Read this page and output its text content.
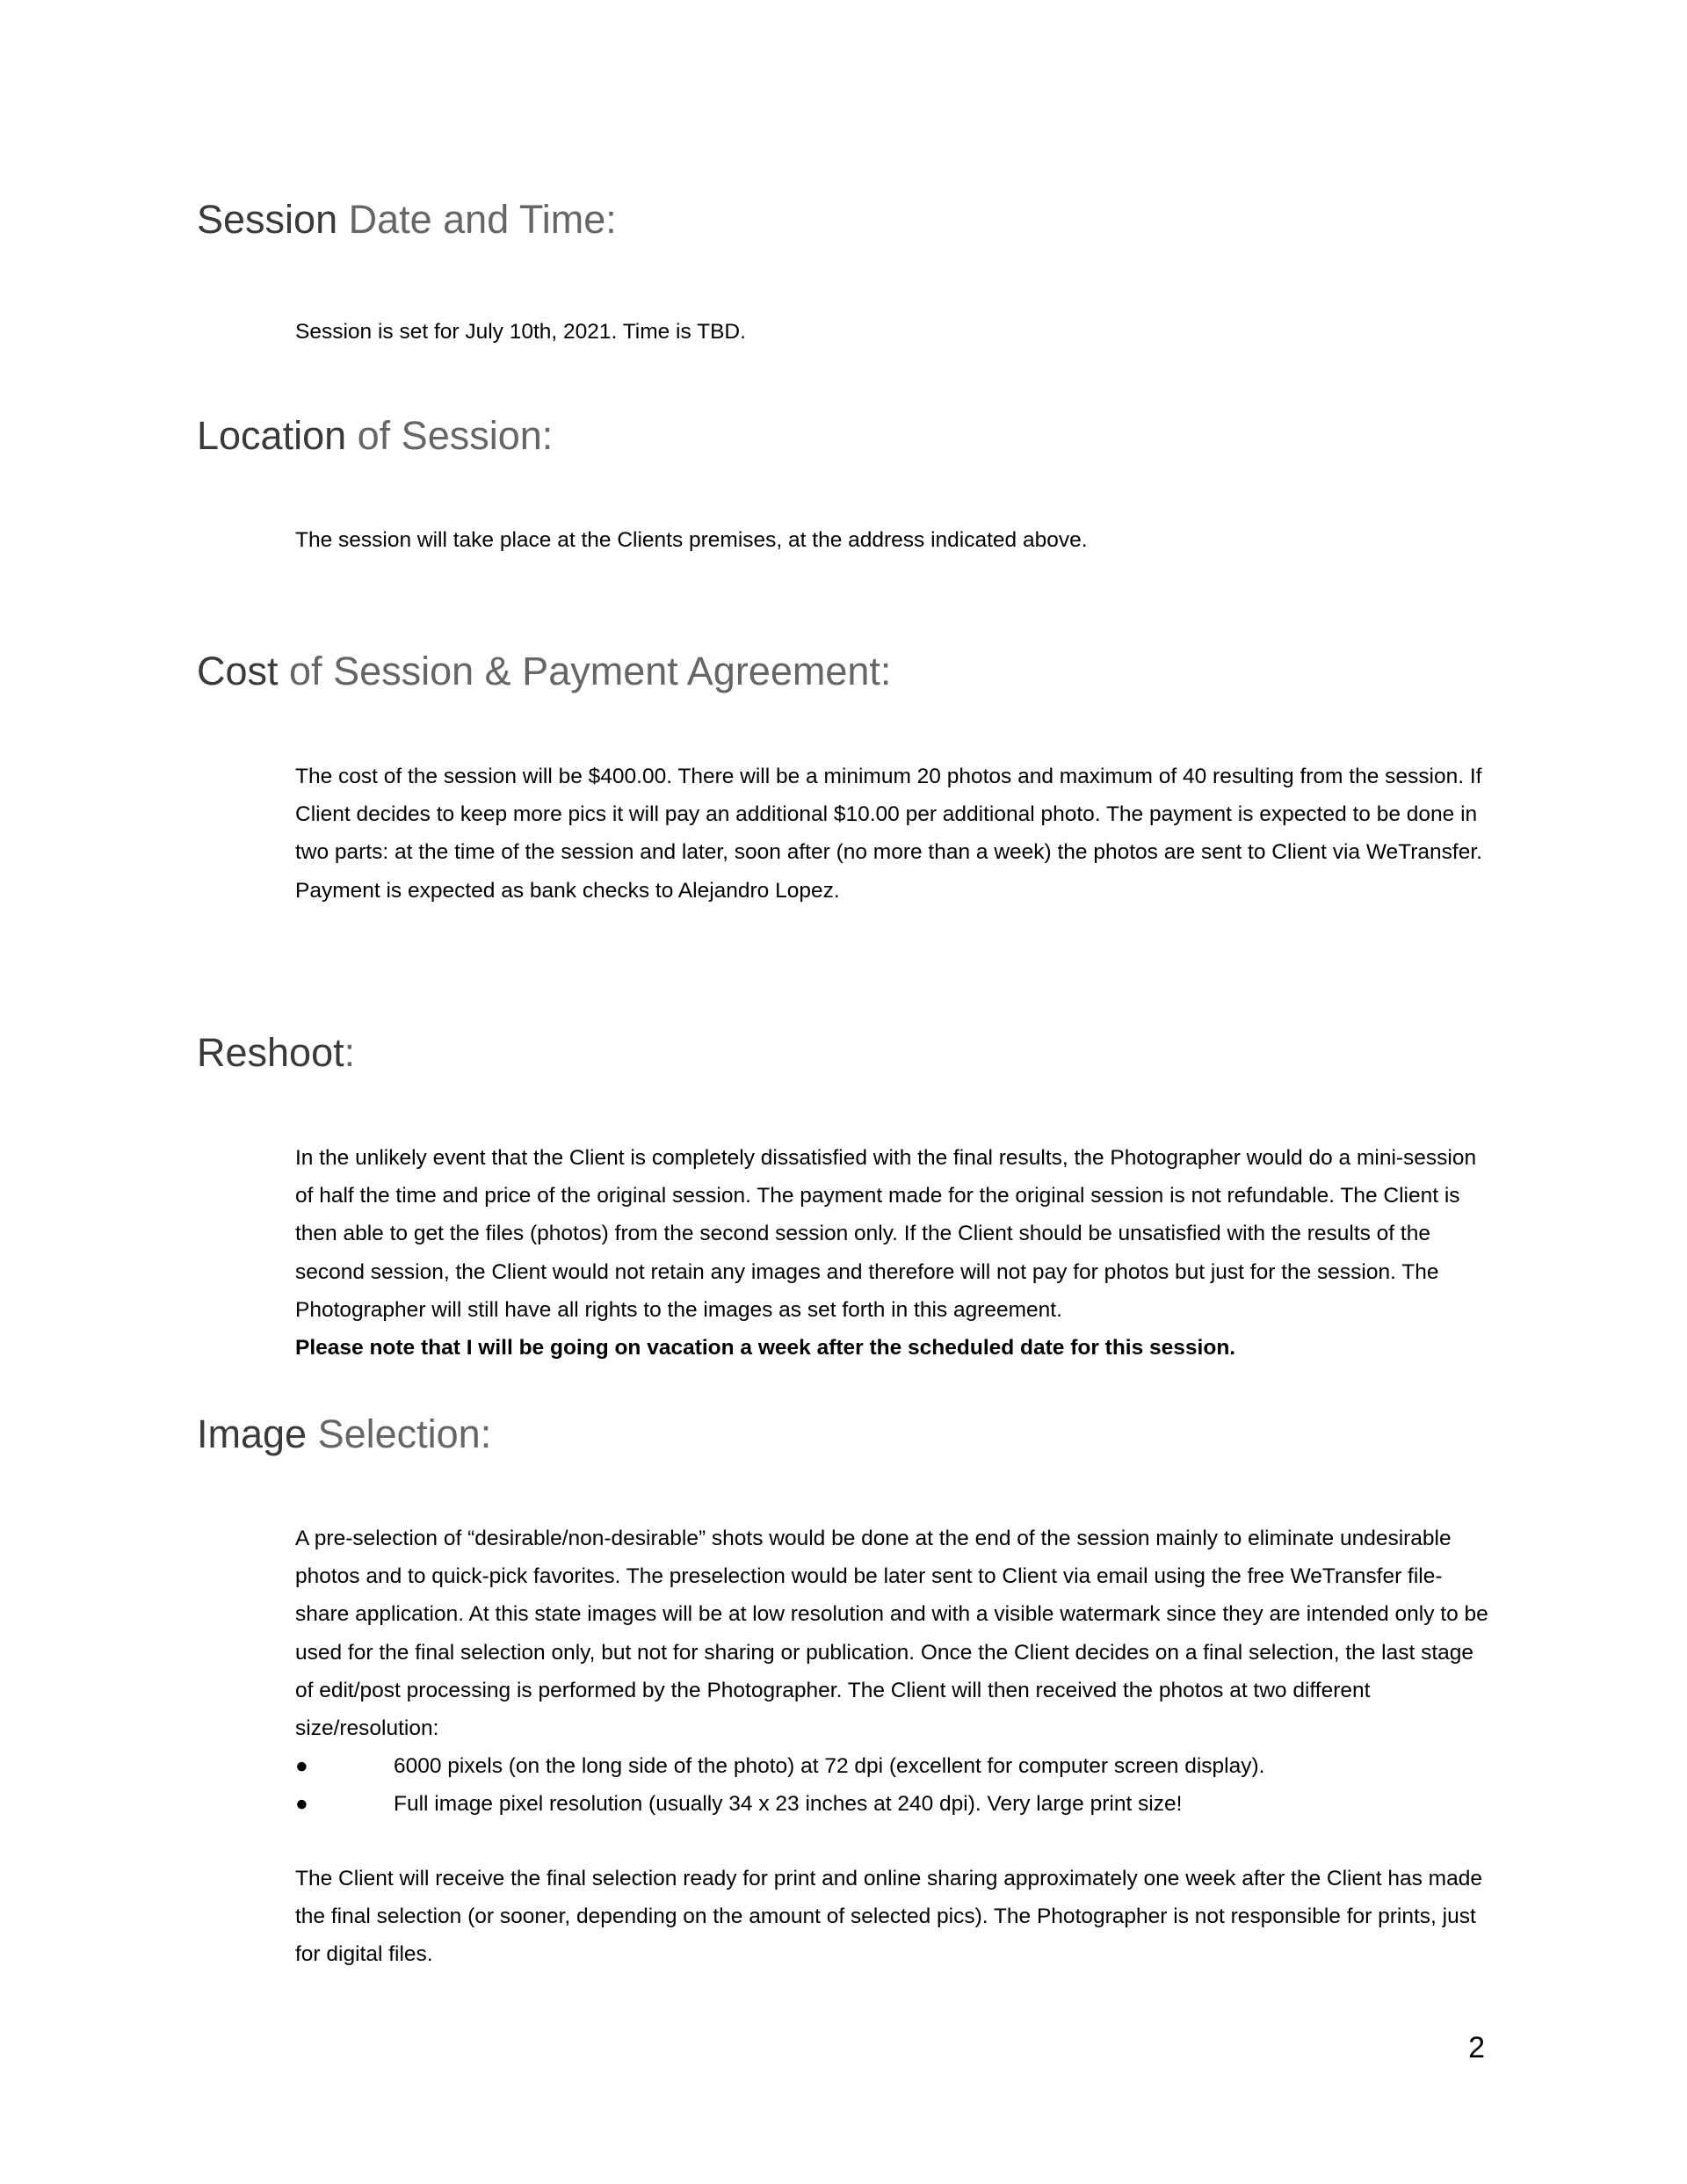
Session Date and Time:

Session is set for July 10th, 2021. Time is TBD.

Location of Session:

The session will take place at the Clients premises, at the address indicated above.

Cost of Session & Payment Agreement:

The cost of the session will be $400.00. There will be a minimum 20 photos and maximum of 40 resulting from the session. If Client decides to keep more pics it will pay an additional $10.00 per additional photo. The payment is expected to be done in two parts: at the time of the session and later, soon after (no more than a week) the photos are sent to Client via WeTransfer. Payment is expected as bank checks to Alejandro Lopez.

Reshoot:
In the unlikely event that the Client is completely dissatisfied with the final results, the Photographer would do a mini-session of half the time and price of the original session. The payment made for the original session is not refundable. The Client is then able to get the files (photos) from the second session only. If the Client should be unsatisfied with the results of the second session, the Client would not retain any images and therefore will not pay for photos but just for the session. The Photographer will still have all rights to the images as set forth in this agreement.
Please note that I will be going on vacation a week after the scheduled date for this session.
Image Selection:
A pre-selection of “desirable/non-desirable” shots would be done at the end of the session mainly to eliminate undesirable photos and to quick-pick favorites. The preselection would be later sent to Client via email using the free WeTransfer file-share application. At this state images will be at low resolution and with a visible watermark since they are intended only to be used for the final selection only, but not for sharing or publication. Once the Client decides on a final selection, the last stage of edit/post processing is performed by the Photographer. The Client will then received the photos at two different size/resolution:
●	6000 pixels (on the long side of the photo) at 72 dpi (excellent for computer screen display).
●	Full image pixel resolution (usually 34 x 23 inches at 240 dpi). Very large print size!

The Client will receive the final selection ready for print and online sharing approximately one week after the Client has made the final selection (or sooner, depending on the amount of selected pics). The Photographer is not responsible for prints, just for digital files.

2
